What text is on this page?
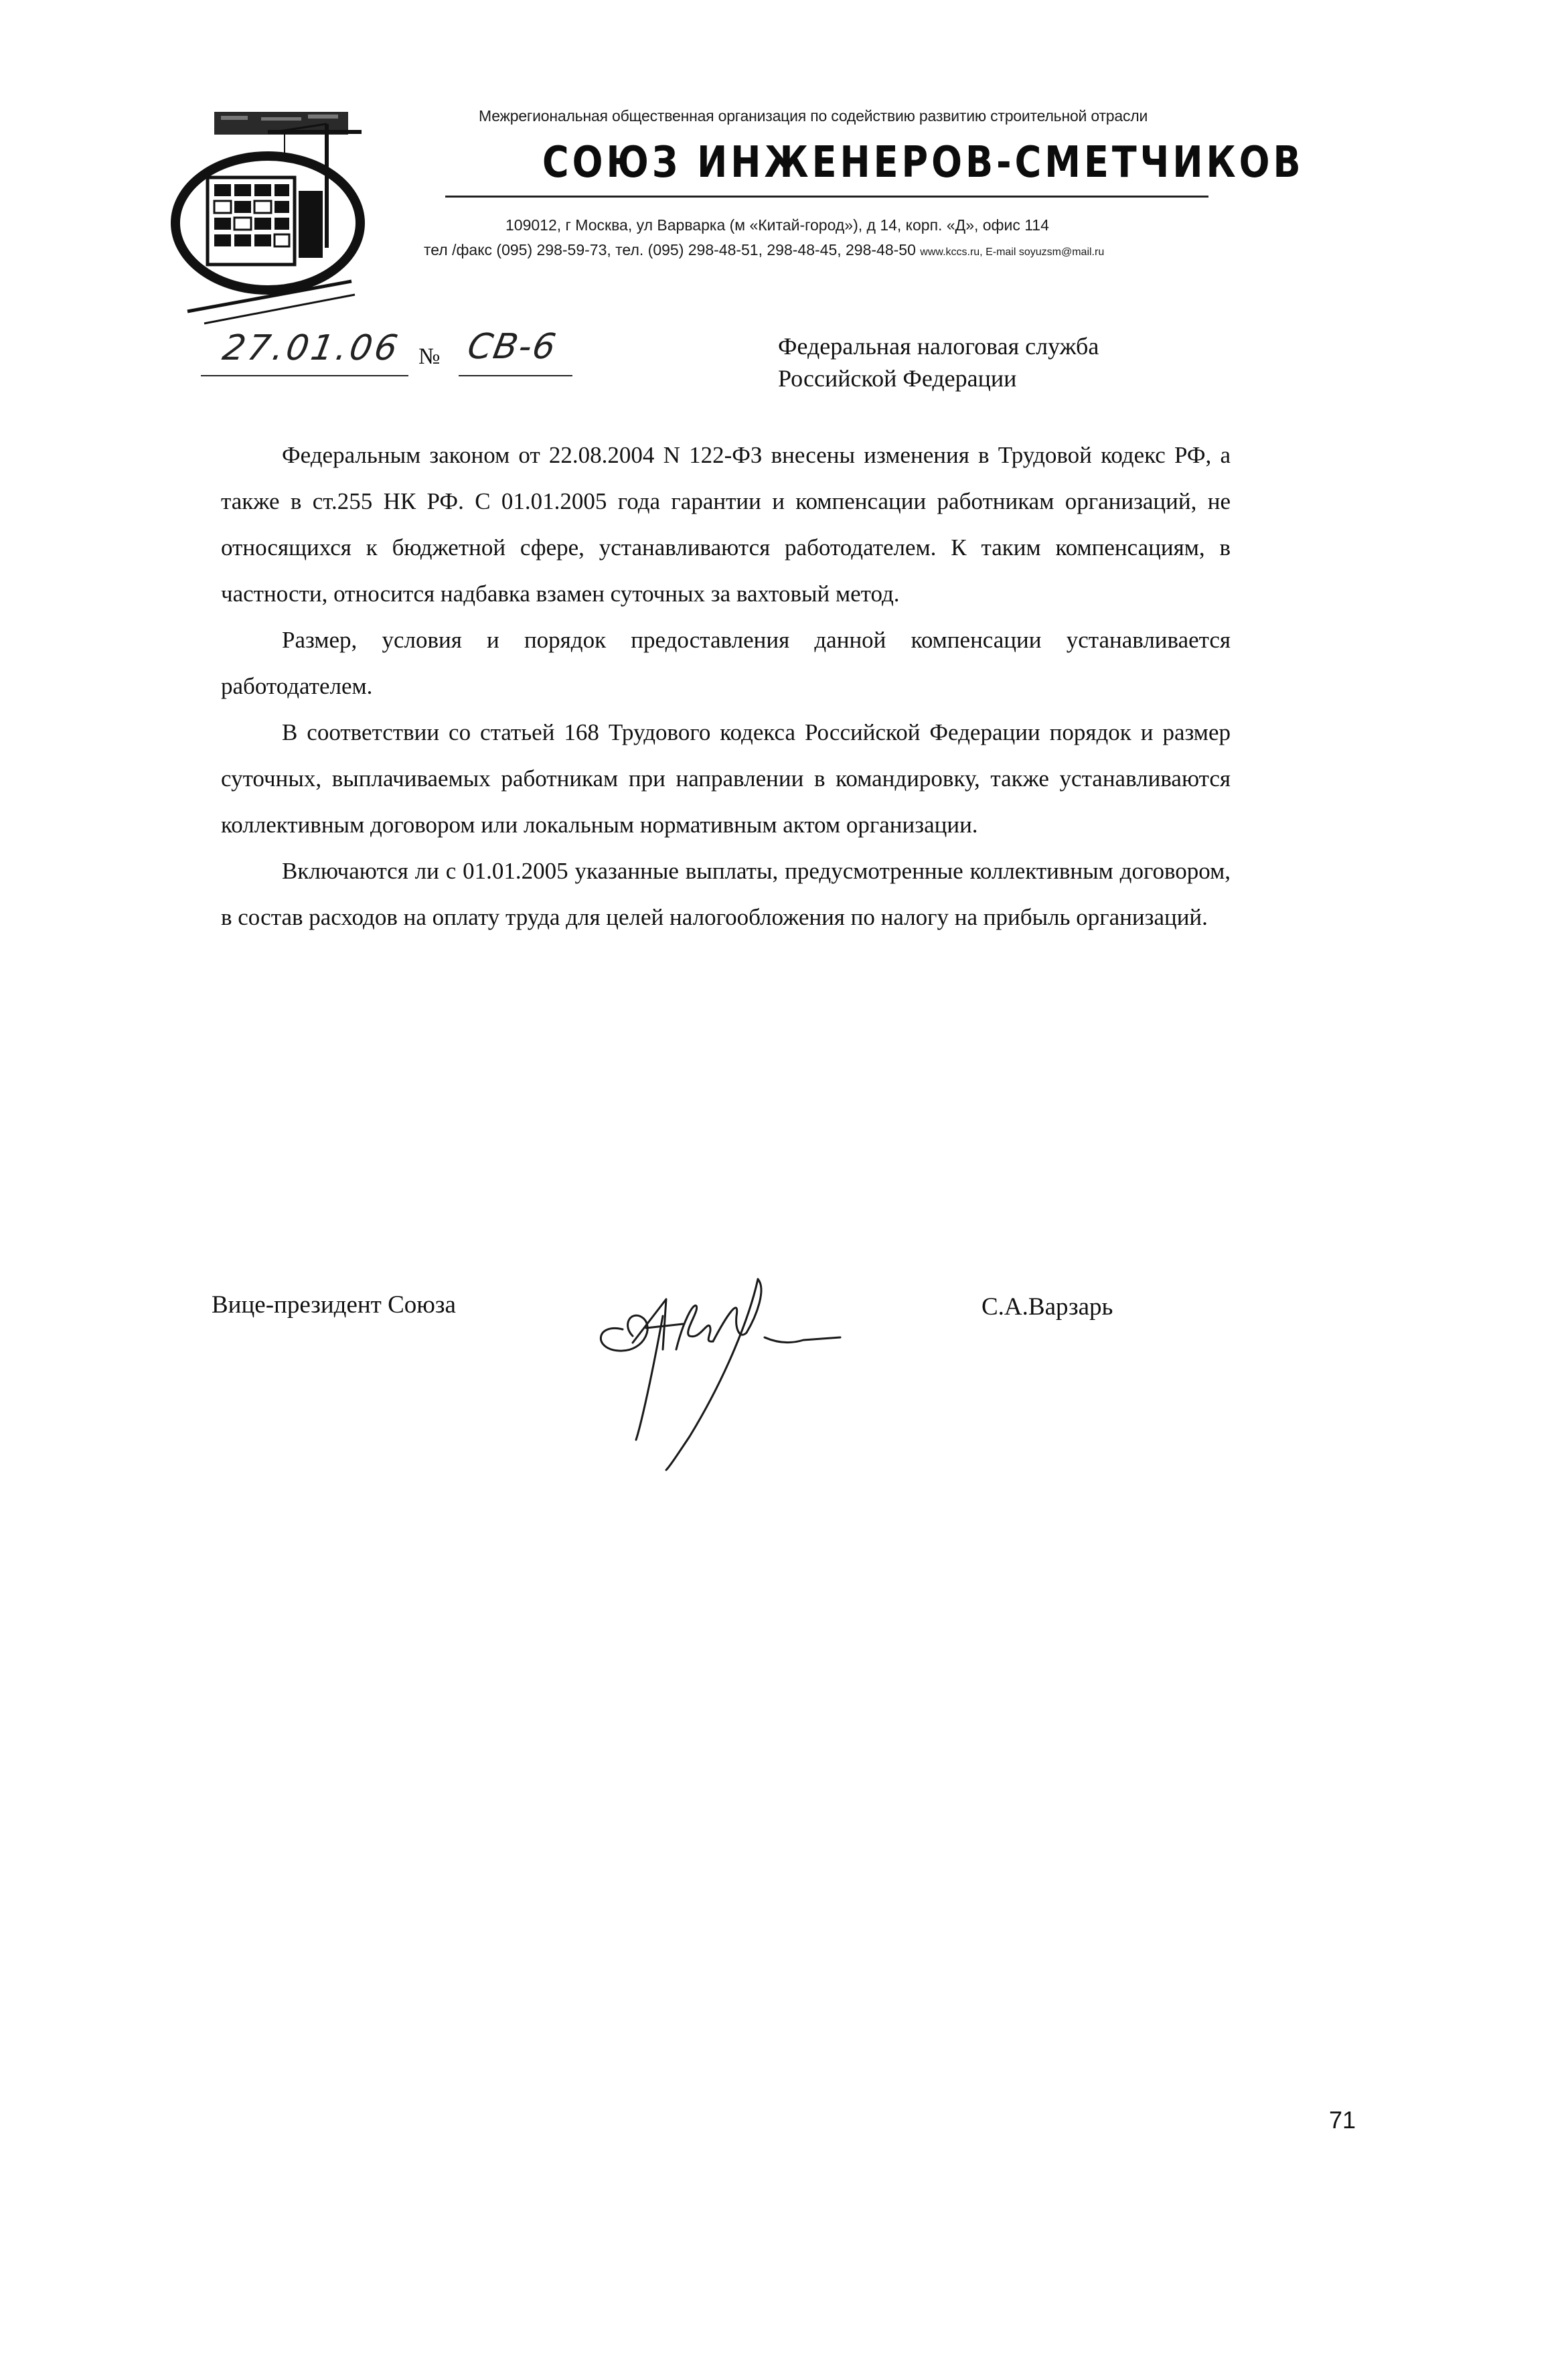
Межрегиональная общественная организация по содействию развитию строительной отрасли
СОЮЗ ИНЖЕНЕРОВ-СМЕТЧИКОВ
109012, г Москва, ул Варварка (м «Китай-город»), д 14, корп. «Д», офис 114
тел /факс (095) 298-59-73, тел. (095) 298-48-51, 298-48-45, 298-48-50 www.kccs.ru, E-mail soyuzsm@mail.ru
27.01.06 № СВ-6	Федеральная налоговая служба
Российской Федерации

Федеральным законом от 22.08.2004 N 122-ФЗ внесены изменения в Трудовой кодекс РФ, а также в ст.255 НК РФ. С 01.01.2005 года гарантии и компенсации работникам организаций, не относящихся к бюджетной сфере, устанавливаются работодателем. К таким компенсациям, в частности, относится надбавка взамен суточных за вахтовый метод.

Размер, условия и порядок предоставления данной компенсации устанавливается работодателем.

В соответствии со статьей 168 Трудового кодекса Российской Федерации порядок и размер суточных, выплачиваемых работникам при направлении в командировку, также устанавливаются коллективным договором или локальным нормативным актом организации.

Включаются ли с 01.01.2005 указанные выплаты, предусмотренные коллективным договором, в состав расходов на оплату труда для целей налогообложения по налогу на прибыль организаций.

Вице-президент Союза	С.А.Варзарь
71
